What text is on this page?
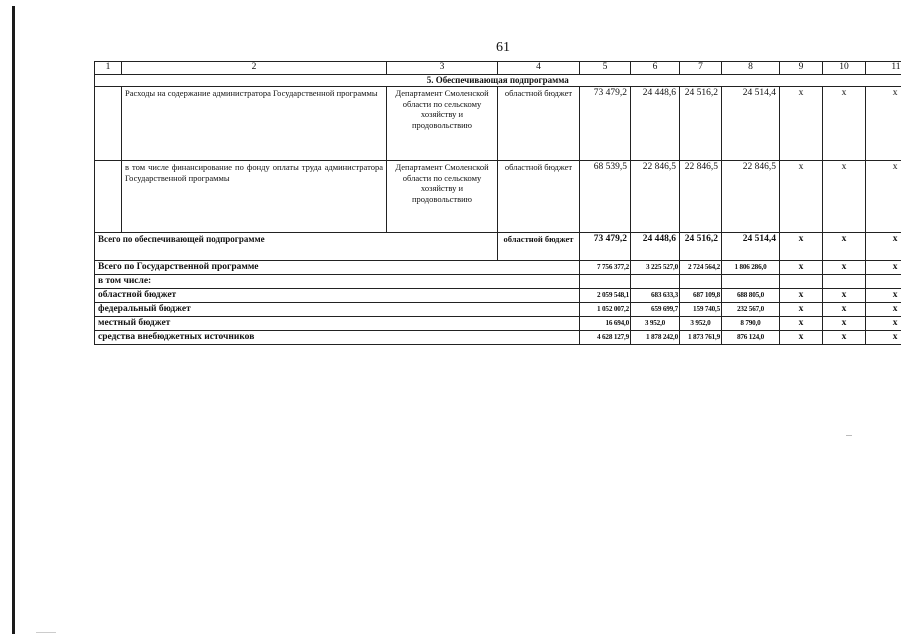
61
1	2	3	4	5	6	7	8	9	10	11
5. Обеспечивающая подпрограмма										
	Расходы на содержание администратора Государственной программы	Департамент Смоленской области по сельскому хозяйству и продовольствию	областной бюджет	73 479,2	24 448,6	24 516,2	24 514,4	х	х	х
	в том числе финансирование по фонду оплаты труда администратора Государственной программы	Департамент Смоленской области по сельскому хозяйству и продовольствию	областной бюджет	68 539,5	22 846,5	22 846,5	22 846,5	х	х	х
Всего по обеспечивающей подпрограмме			областной бюджет	73 479,2	24 448,6	24 516,2	24 514,4	х	х	х
Всего по Государственной программе				7 756 377,2	3 225 527,0	2 724 564,2	1 806 286,0	х	х	х
в том числе:										
областной бюджет				2 059 548,1	683 633,3	687 109,8	688 805,0	х	х	х
федеральный бюджет				1 052 007,2	659 699,7	159 740,5	232 567,0	х	х	х
местный бюджет				16 694,0	3 952,0	3 952,0	8 790,0	х	х	х
средства внебюджетных источников				4 628 127,9	1 878 242,0	1 873 761,9	876 124,0	х	х	х
